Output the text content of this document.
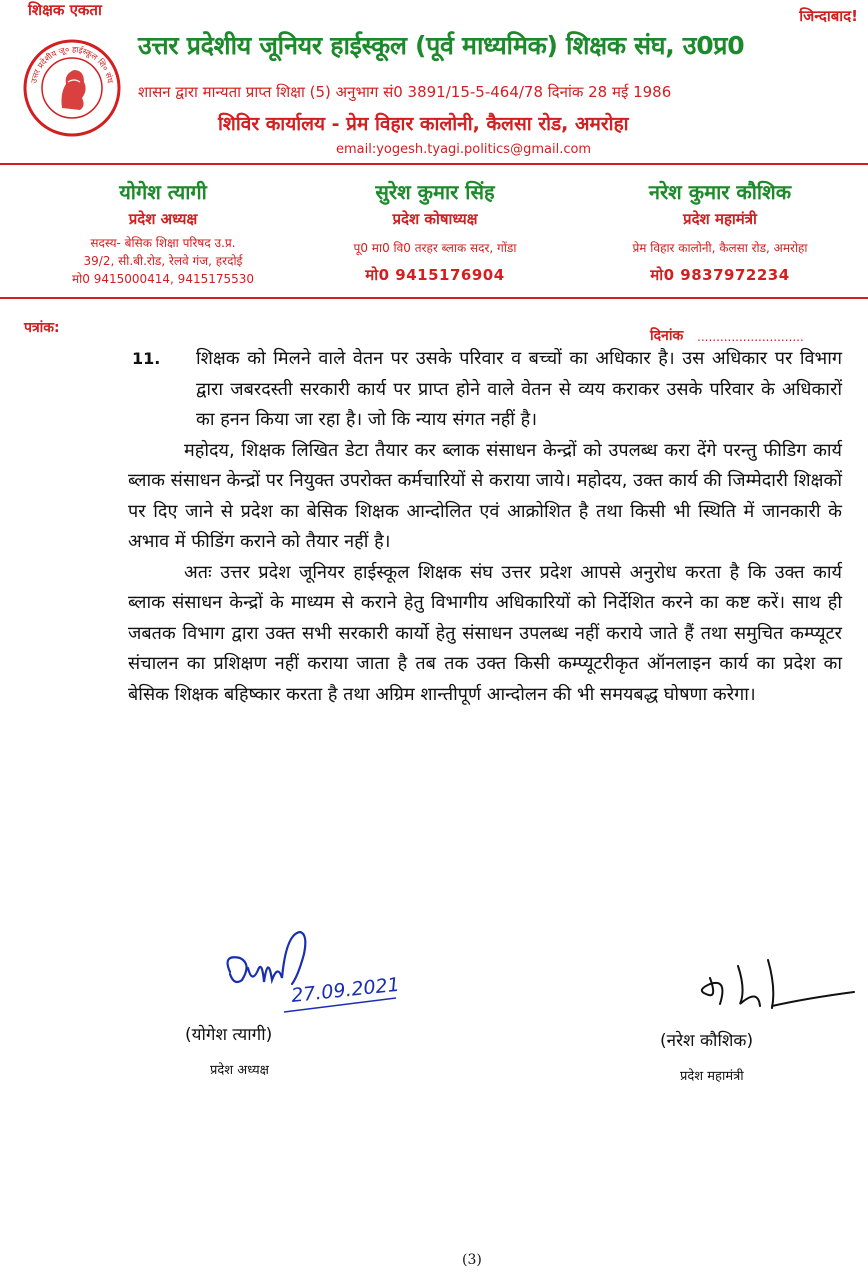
शिक्षक एकता	जिन्दाबाद!
उत्तर प्रदेशीय जू० हाईस्कूल शि० संघ
उत्तर प्रदेशीय जूनियर हाईस्कूल (पूर्व माध्यमिक) शिक्षक संघ, उ0प्र0
शासन द्वारा मान्यता प्राप्त शिक्षा (5) अनुभाग सं0 3891/15-5-464/78 दिनांक 28 मई 1986
शिविर कार्यालय - प्रेम विहार कालोनी, कैलसा रोड, अमरोहा
email:yogesh.tyagi.politics@gmail.com
योगेश त्यागी
प्रदेश अध्यक्ष
सदस्य- बेसिक शिक्षा परिषद उ.प्र.
39/2, सी.बी.रोड, रेलवे गंज, हरदोई
मो0 9415000414, 9415175530
सुरेश कुमार सिंह
प्रदेश कोषाध्यक्ष
पू0 मा0 वि0 तरहर ब्लाक सदर, गोंडा
मो0 9415176904
नरेश कुमार कौशिक
प्रदेश महामंत्री
प्रेम विहार कालोनी, कैलसा रोड, अमरोहा
मो0 9837972234
पत्रांक:	दिनांक ............................

11. शिक्षक को मिलने वाले वेतन पर उसके परिवार व बच्चों का अधिकार है। उस अधिकार पर विभाग द्वारा जबरदस्ती सरकारी कार्य पर प्राप्त होने वाले वेतन से व्यय कराकर उसके परिवार के अधिकारों का हनन किया जा रहा है। जो कि न्याय संगत नहीं है।

महोदय, शिक्षक लिखित डेटा तैयार कर ब्लाक संसाधन केन्द्रों को उपलब्ध करा देंगे परन्तु फीडिग कार्य ब्लाक संसाधन केन्द्रों पर नियुक्त उपरोक्त कर्मचारियों से कराया जाये। महोदय, उक्त कार्य की जिम्मेदारी शिक्षकों पर दिए जाने से प्रदेश का बेसिक शिक्षक आन्दोलित एवं आक्रोशित है तथा किसी भी स्थिति में जानकारी के अभाव में फीडिंग कराने को तैयार नहीं है।

अतः उत्तर प्रदेश जूनियर हाईस्कूल शिक्षक संघ उत्तर प्रदेश आपसे अनुरोध करता है कि उक्त कार्य ब्लाक संसाधन केन्द्रों के माध्यम से कराने हेतु विभागीय अधिकारियों को निर्देशित करने का कष्ट करें। साथ ही जबतक विभाग द्वारा उक्त सभी सरकारी कार्यो हेतु संसाधन उपलब्ध नहीं कराये जाते हैं तथा समुचित कम्प्यूटर संचालन का प्रशिक्षण नहीं कराया जाता है तब तक उक्त किसी कम्प्यूटरीकृत ऑनलाइन कार्य का प्रदेश का बेसिक शिक्षक बहिष्कार करता है तथा अग्रिम शान्तीपूर्ण आन्दोलन की भी समयबद्ध घोषणा करेगा।

27.09.2021
(योगेश त्यागी)
प्रदेश अध्यक्ष
(नरेश कौशिक)
प्रदेश महामंत्री
(3)
